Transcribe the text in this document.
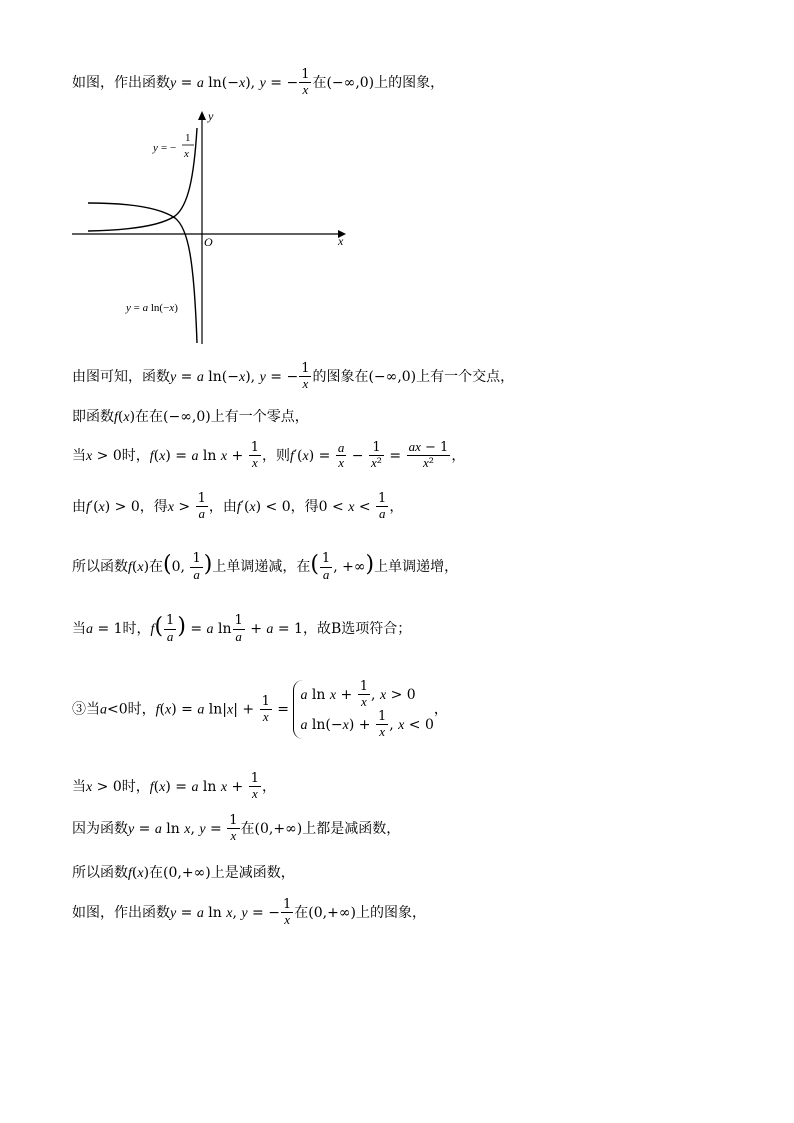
如图，作出函数y = a ln(−x), y = − $\frac{1}{x}$ 在(−∞,0)上的图象，
y
x
O
y = −
1
x
y = a ln(−x)
由图可知，函数y = a ln(−x), y = − $\frac{1}{x}$ 的图象在(−∞,0)上有一个交点，
即函数f(x)在在(−∞,0)上有一个零点，
当x > 0时，f(x) = a $\ln x + \frac{1}{x}$ ，则$f'(x) = \frac{a}{x} - \frac{1}{\text{x²}} = \frac{ax - 1}{\text{x²}}$ ，
由f′(x) > 0，得$x > \frac{1}{a}$ ，由f′(x) < 0，得$0 < x < \frac{1}{a}$ ，
所以函数f(x)在(0, $\frac{1}{a}$ )上单调递减，在( $\frac{1}{a}$ , +∞)上单调递增，
当a = 1时，$f( \frac{1}{a}$ ) = a $\ln \frac{1}{a} + a = 1$，故B选项符合；
③当a<0时，f(x) = a $\ln|x| + \frac{1}{x}$ =
a $\ln x + \frac{1}{x}$ , x > 0
a $\ln(-x) + \frac{1}{x}$ , x < 0
，
当x > 0时，f(x) = a $\ln x + \frac{1}{x}$ ，
因为函数y = a ln x, $y = \frac{1}{x}$ 在(0,+∞)上都是减函数，
所以函数f(x)在(0,+∞)上是减函数，
如图，作出函数y = a ln x, y = − $\frac{1}{x}$ 在(0,+∞)上的图象，
